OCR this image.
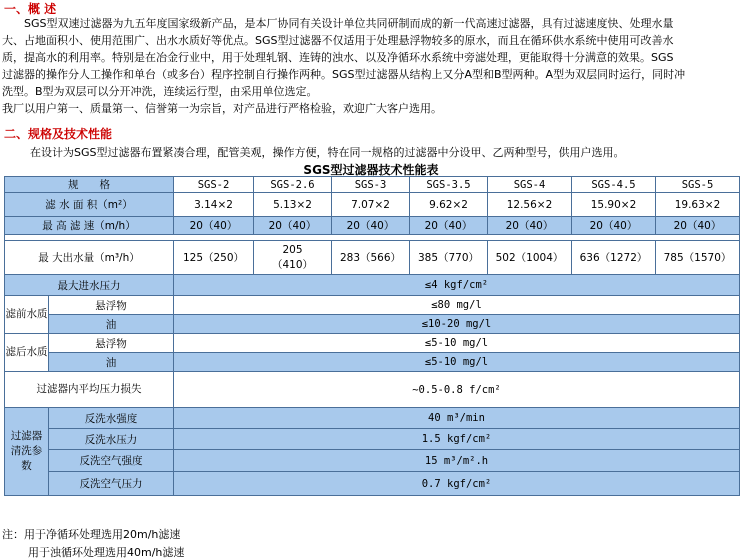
一、概 述
　　SGS型双速过滤器为九五年度国家级新产品，是本厂协同有关设计单位共同研制而成的新一代高速过滤器，具有过滤速度快、处理水量
大、占地面积小、使用范围广、出水水质好等优点。SGS型过滤器不仅适用于处理悬浮物较多的原水，而且在循环供水系统中使用可改善水
质，提高水的利用率。特别是在冶金行业中，用于处理轧钢、连铸的浊水、以及净循环水系统中旁滤处理，更能取得十分满意的效果。SGS
过滤器的操作分人工操作和单台（或多台）程序控制自行操作两种。SGS型过滤器从结构上又分A型和B型两种。A型为双层同时运行，同时冲
洗型。B型为双层可以分开冲洗，连续运行型，由采用单位选定。
我厂以用户第一、质量第一、信誉第一为宗旨，对产品进行严格检验，欢迎广大客户选用。
二、规格及技术性能
在设计为SGS型过滤器布置紧凑合理，配管美观，操作方便，特在同一规格的过滤器中分设甲、乙两种型号，供用户选用。
SGS型过滤器技术性能表
规　　格		SGS-2	SGS-2.6	SGS-3	SGS-3.5	SGS-4	SGS-4.5	SGS-5
滤 水 面 积（m²）		3.14×2	5.13×2	7.07×2	9.62×2	12.56×2	15.90×2	19.63×2
最 高 滤 速（m/h）		20（40）	20（40）	20（40）	20（40）	20（40）	20（40）	20（40）

最 大出水量（m³/h）		125（250）	205
（410）	283（566）	385（770）	502（1004）	636（1272）	785（1570）
最大进水压力		≤4 kgf/cm²						
滤前水质	悬浮物	≤80 mg/l						
	油	≤10-20 mg/l						
滤后水质	悬浮物	≤5-10 mg/l						
	油	≤5-10 mg/l						
过滤器内平均压力损失		~0.5-0.8 f/cm²						
过滤器清洗参数	反洗水强度	40 m³/min						
	反洗水压力	1.5 kgf/cm²						
	反洗空气强度	15 m³/m².h						
	反洗空气压力	0.7 kgf/cm²						
注：用于净循环处理选用20m/h滤速
用于浊循环处理选用40m/h滤速
